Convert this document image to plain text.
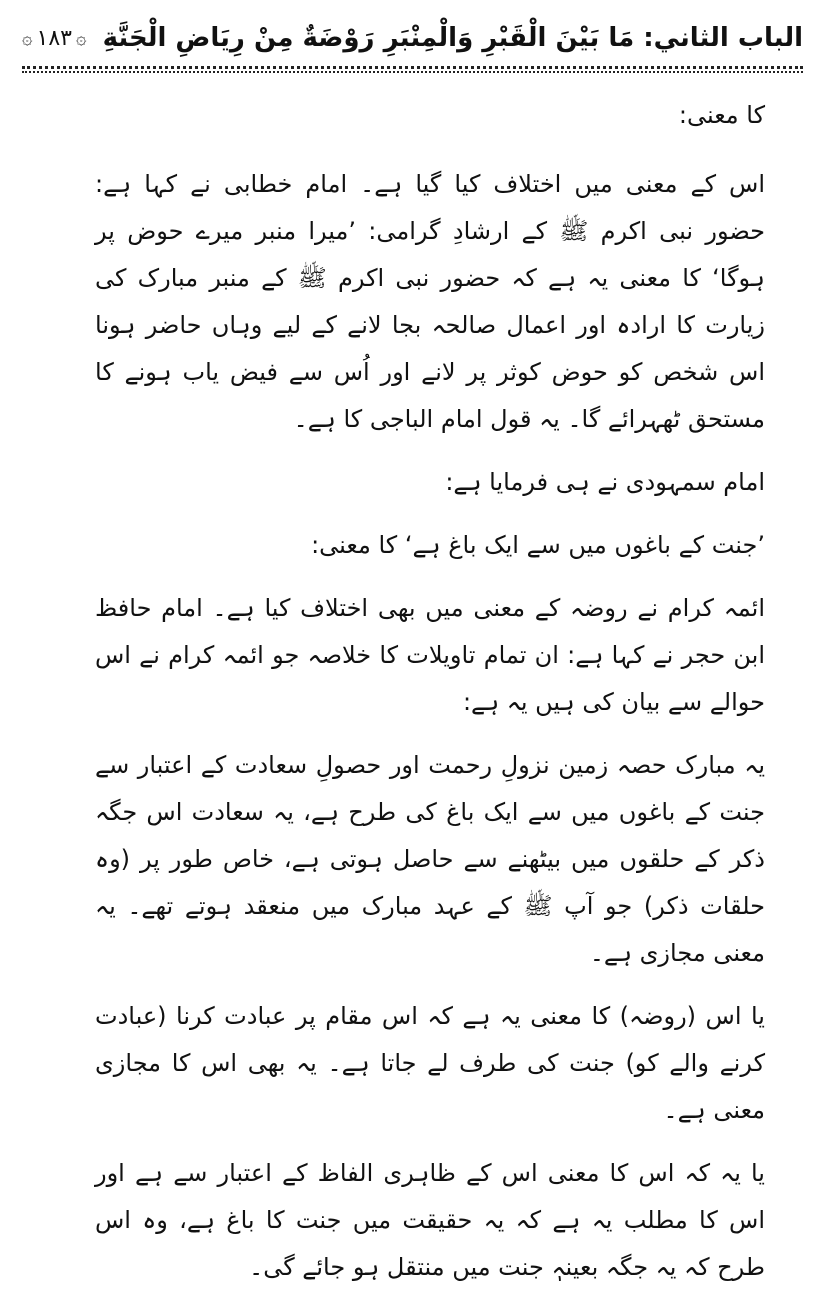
الباب الثاني: مَا بَيْنَ الْقَبْرِ وَالْمِنْبَرِ رَوْضَةٌ مِنْ رِيَاضِ الْجَنَّةِ
۞
١٨٣
۞

کا معنی:

اس کے معنی میں اختلاف کیا گیا ہے۔ امام خطابی نے کہا ہے: حضور نبی اکرم ﷺ کے ارشادِ گرامی: ’میرا منبر میرے حوض پر ہوگا‘ کا معنی یہ ہے کہ حضور نبی اکرم ﷺ کے منبر مبارک کی زیارت کا ارادہ اور اعمال صالحہ بجا لانے کے لیے وہاں حاضر ہونا اس شخص کو حوض کوثر پر لانے اور اُس سے فیض یاب ہونے کا مستحق ٹھہرائے گا۔ یہ قول امام الباجی کا ہے۔

امام سمہودی نے ہی فرمایا ہے:

’جنت کے باغوں میں سے ایک باغ ہے‘ کا معنی:

ائمہ کرام نے روضہ کے معنی میں بھی اختلاف کیا ہے۔ امام حافظ ابن حجر نے کہا ہے: ان تمام تاویلات کا خلاصہ جو ائمہ کرام نے اس حوالے سے بیان کی ہیں یہ ہے:

یہ مبارک حصہ زمین نزولِ رحمت اور حصولِ سعادت کے اعتبار سے جنت کے باغوں میں سے ایک باغ کی طرح ہے، یہ سعادت اس جگہ ذکر کے حلقوں میں بیٹھنے سے حاصل ہوتی ہے، خاص طور پر (وہ حلقات ذکر) جو آپ ﷺ کے عہد مبارک میں منعقد ہوتے تھے۔ یہ معنی مجازی ہے۔

یا اس (روضہ) کا معنی یہ ہے کہ اس مقام پر عبادت کرنا (عبادت کرنے والے کو) جنت کی طرف لے جاتا ہے۔ یہ بھی اس کا مجازی معنی ہے۔

یا یہ کہ اس کا معنی اس کے ظاہری الفاظ کے اعتبار سے ہے اور اس کا مطلب یہ ہے کہ یہ حقیقت میں جنت کا باغ ہے، وہ اس طرح کہ یہ جگہ بعینہٖ جنت میں منتقل ہو جائے گی۔
